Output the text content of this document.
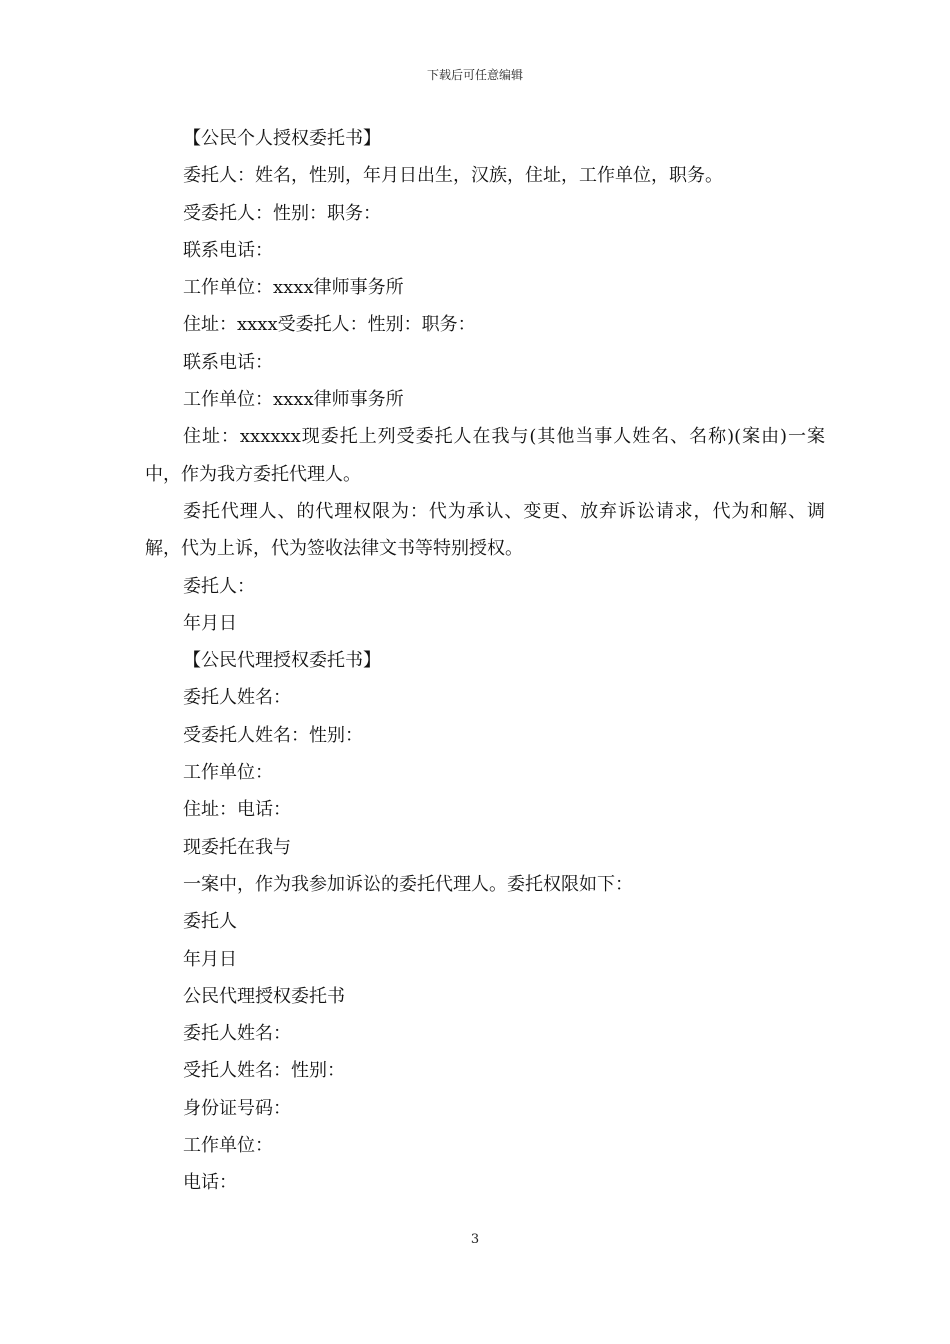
下载后可任意编辑

【公民个人授权委托书】

委托人：姓名，性别，年月日出生，汉族，住址，工作单位，职务。

受委托人：性别：职务：

联系电话：

工作单位：xxxx律师事务所

住址：xxxx受委托人：性别：职务：

联系电话：

工作单位：xxxx律师事务所

住址：xxxxxx现委托上列受委托人在我与(其他当事人姓名、名称)(案由)一案中，作为我方委托代理人。

委托代理人、的代理权限为：代为承认、变更、放弃诉讼请求，代为和解、调解，代为上诉，代为签收法律文书等特别授权。

委托人：

年月日

【公民代理授权委托书】

委托人姓名：

受委托人姓名：性别：

工作单位：

住址：电话：

现委托在我与

一案中，作为我参加诉讼的委托代理人。委托权限如下：

委托人

年月日

公民代理授权委托书

委托人姓名：

受托人姓名：性别：

身份证号码：

工作单位：

电话：

3
